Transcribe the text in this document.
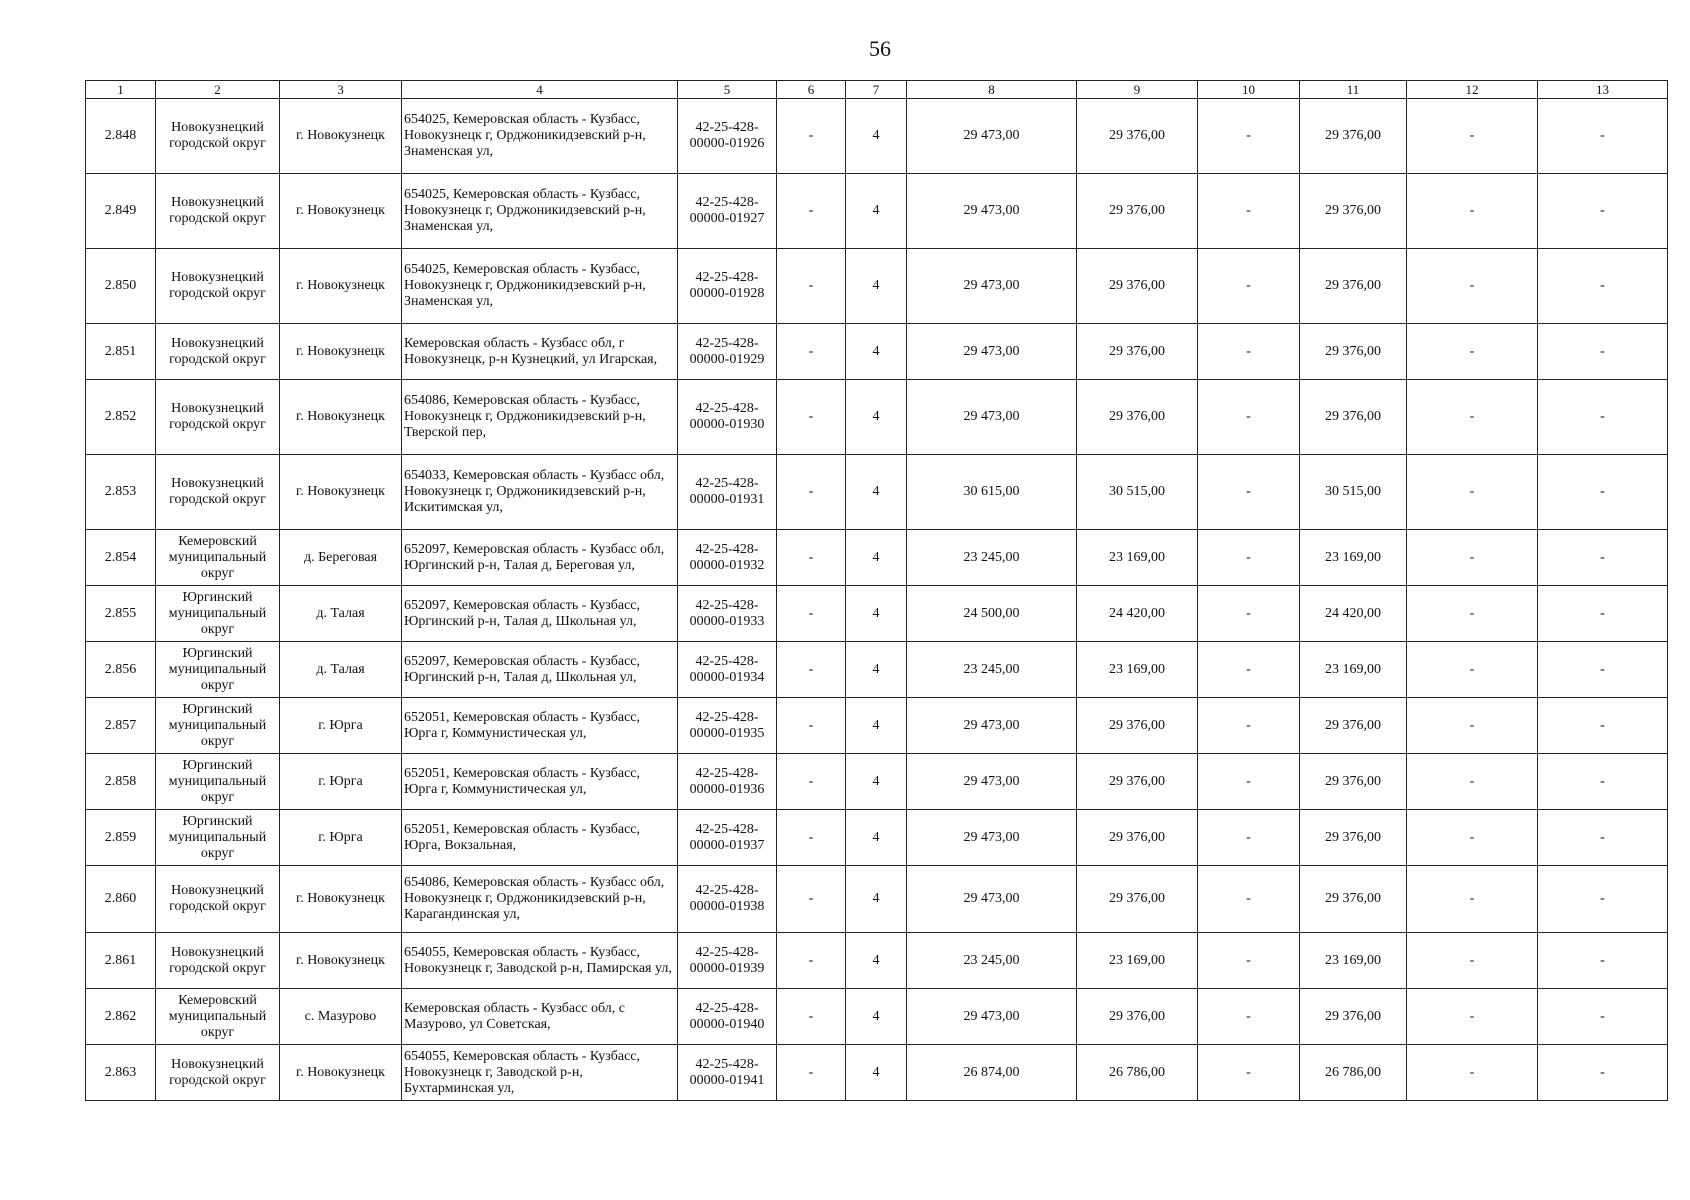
56
1	2	3	4	5	6	7	8	9	10	11	12	13
2.848	Новокузнецкий городской округ	г. Новокузнецк	654025, Кемеровская область - Кузбасс, Новокузнецк г, Орджоникидзевский р-н, Знаменская ул,	42-25-428-00000-01926	-	4	29 473,00	29 376,00	-	29 376,00	-	-
2.849	Новокузнецкий городской округ	г. Новокузнецк	654025, Кемеровская область - Кузбасс, Новокузнецк г, Орджоникидзевский р-н, Знаменская ул,	42-25-428-00000-01927	-	4	29 473,00	29 376,00	-	29 376,00	-	-
2.850	Новокузнецкий городской округ	г. Новокузнецк	654025, Кемеровская область - Кузбасс, Новокузнецк г, Орджоникидзевский р-н, Знаменская ул,	42-25-428-00000-01928	-	4	29 473,00	29 376,00	-	29 376,00	-	-
2.851	Новокузнецкий городской округ	г. Новокузнецк	Кемеровская область - Кузбасс обл, г Новокузнецк, р-н Кузнецкий, ул Игарская,	42-25-428-00000-01929	-	4	29 473,00	29 376,00	-	29 376,00	-	-
2.852	Новокузнецкий городской округ	г. Новокузнецк	654086, Кемеровская область - Кузбасс, Новокузнецк г, Орджоникидзевский р-н, Тверской пер,	42-25-428-00000-01930	-	4	29 473,00	29 376,00	-	29 376,00	-	-
2.853	Новокузнецкий городской округ	г. Новокузнецк	654033, Кемеровская область - Кузбасс обл, Новокузнецк г, Орджоникидзевский р-н, Искитимская ул,	42-25-428-00000-01931	-	4	30 615,00	30 515,00	-	30 515,00	-	-
2.854	Кемеровский муниципальный округ	д. Береговая	652097, Кемеровская область - Кузбасс обл, Юргинский р-н, Талая д, Береговая ул,	42-25-428-00000-01932	-	4	23 245,00	23 169,00	-	23 169,00	-	-
2.855	Юргинский муниципальный округ	д. Талая	652097, Кемеровская область - Кузбасс, Юргинский р-н, Талая д, Школьная ул,	42-25-428-00000-01933	-	4	24 500,00	24 420,00	-	24 420,00	-	-
2.856	Юргинский муниципальный округ	д. Талая	652097, Кемеровская область - Кузбасс, Юргинский р-н, Талая д, Школьная ул,	42-25-428-00000-01934	-	4	23 245,00	23 169,00	-	23 169,00	-	-
2.857	Юргинский муниципальный округ	г. Юрга	652051, Кемеровская область - Кузбасс, Юрга г, Коммунистическая ул,	42-25-428-00000-01935	-	4	29 473,00	29 376,00	-	29 376,00	-	-
2.858	Юргинский муниципальный округ	г. Юрга	652051, Кемеровская область - Кузбасс, Юрга г, Коммунистическая ул,	42-25-428-00000-01936	-	4	29 473,00	29 376,00	-	29 376,00	-	-
2.859	Юргинский муниципальный округ	г. Юрга	652051, Кемеровская область - Кузбасс, Юрга, Вокзальная,	42-25-428-00000-01937	-	4	29 473,00	29 376,00	-	29 376,00	-	-
2.860	Новокузнецкий городской округ	г. Новокузнецк	654086, Кемеровская область - Кузбасс обл, Новокузнецк г, Орджоникидзевский р-н, Карагандинская ул,	42-25-428-00000-01938	-	4	29 473,00	29 376,00	-	29 376,00	-	-
2.861	Новокузнецкий городской округ	г. Новокузнецк	654055, Кемеровская область - Кузбасс, Новокузнецк г, Заводской р-н, Памирская ул,	42-25-428-00000-01939	-	4	23 245,00	23 169,00	-	23 169,00	-	-
2.862	Кемеровский муниципальный округ	с. Мазурово	Кемеровская область - Кузбасс обл, с Мазурово, ул Советская,	42-25-428-00000-01940	-	4	29 473,00	29 376,00	-	29 376,00	-	-
2.863	Новокузнецкий городской округ	г. Новокузнецк	654055, Кемеровская область - Кузбасс, Новокузнецк г, Заводской р-н, Бухтарминская ул,	42-25-428-00000-01941	-	4	26 874,00	26 786,00	-	26 786,00	-	-
